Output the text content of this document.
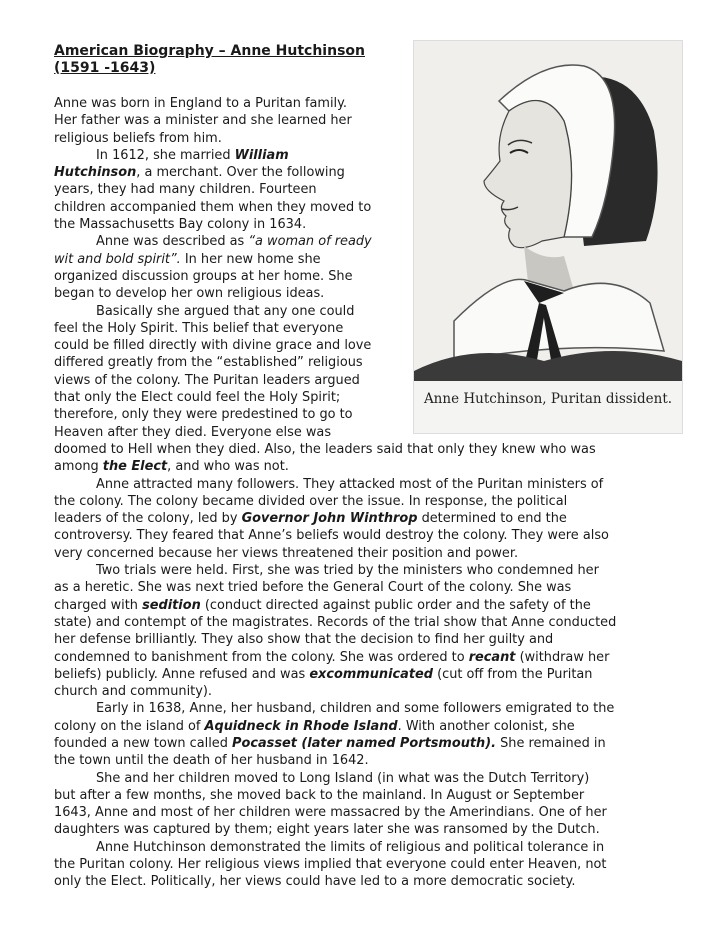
American Biography – Anne Hutchinson
(1591 -1643)
Anne Hutchinson, Puritan dissident.
Anne was born in England to a Puritan family.
Her father was a minister and she learned her
religious beliefs from him.
In 1612, she married William
Hutchinson, a merchant. Over the following
years, they had many children. Fourteen
children accompanied them when they moved to
the Massachusetts Bay colony in 1634.
Anne was described as “a woman of ready
wit and bold spirit”. In her new home she
organized discussion groups at her home. She
began to develop her own religious ideas.
Basically she argued that any one could
feel the Holy Spirit. This belief that everyone
could be filled directly with divine grace and love
differed greatly from the “established” religious
views of the colony. The Puritan leaders argued
that only the Elect could feel the Holy Spirit;
therefore, only they were predestined to go to
Heaven after they died. Everyone else was
doomed to Hell when they died. Also, the leaders said that only they knew who was
among the Elect, and who was not.
Anne attracted many followers. They attacked most of the Puritan ministers of
the colony. The colony became divided over the issue. In response, the political
leaders of the colony, led by Governor John Winthrop determined to end the
controversy. They feared that Anne’s beliefs would destroy the colony. They were also
very concerned because her views threatened their position and power.
Two trials were held. First, she was tried by the ministers who condemned her
as a heretic. She was next tried before the General Court of the colony. She was
charged with sedition (conduct directed against public order and the safety of the
state) and contempt of the magistrates. Records of the trial show that Anne conducted
her defense brilliantly. They also show that the decision to find her guilty and
condemned to banishment from the colony. She was ordered to recant (withdraw her
beliefs) publicly. Anne refused and was excommunicated (cut off from the Puritan
church and community).
Early in 1638, Anne, her husband, children and some followers emigrated to the
colony on the island of Aquidneck in Rhode Island. With another colonist, she
founded a new town called Pocasset (later named Portsmouth). She remained in
the town until the death of her husband in 1642.
She and her children moved to Long Island (in what was the Dutch Territory)
but after a few months, she moved back to the mainland. In August or September
1643, Anne and most of her children were massacred by the Amerindians. One of her
daughters was captured by them; eight years later she was ransomed by the Dutch.
Anne Hutchinson demonstrated the limits of religious and political tolerance in
the Puritan colony. Her religious views implied that everyone could enter Heaven, not
only the Elect. Politically, her views could have led to a more democratic society.
